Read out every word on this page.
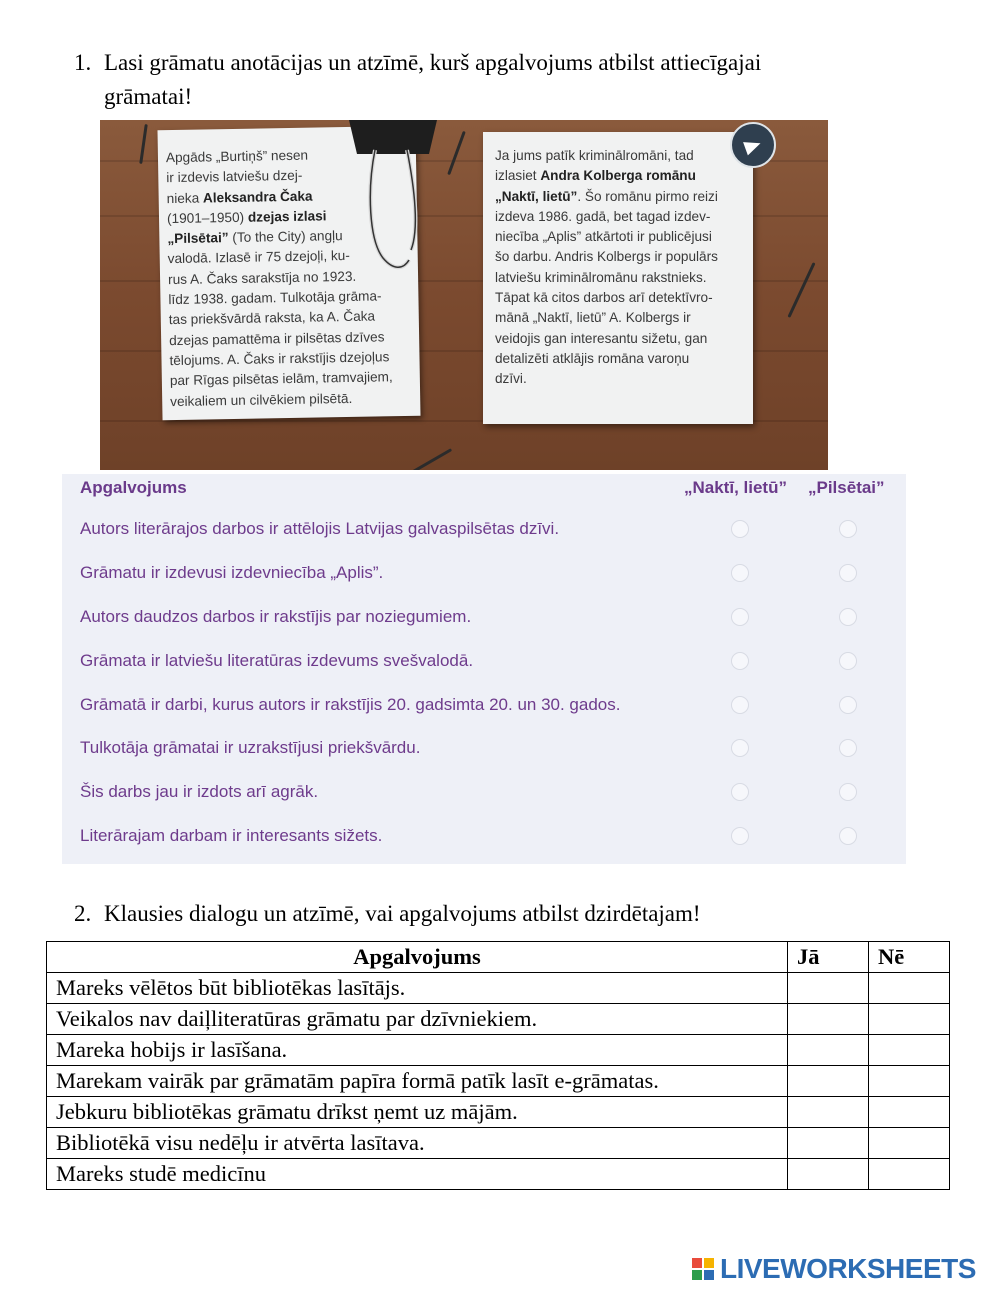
1. Lasi grāmatu anotācijas un atzīmē, kurš apgalvojums atbilst attiecīgajai
grāmatai!
Apgāds „Burtiņš” nesen
ir izdevis latviešu dzej-
nieka Aleksandra Čaka
(1901–1950) dzejas izlasi
„Pilsētai” (To the City) angļu
valodā. Izlasē ir 75 dzejoļi, ku-
rus A. Čaks sarakstīja no 1923.
līdz 1938. gadam. Tulkotāja grāma-
tas priekšvārdā raksta, ka A. Čaka
dzejas pamattēma ir pilsētas dzīves
tēlojums. A. Čaks ir rakstījis dzejoļus
par Rīgas pilsētas ielām, tramvajiem,
veikaliem un cilvēkiem pilsētā.
Ja jums patīk kriminālromāni, tad
izlasiet Andra Kolberga romānu
„Naktī, lietū”. Šo romānu pirmo reizi
izdeva 1986. gadā, bet tagad izdev-
niecība „Aplis” atkārtoti ir publicējusi
šo darbu. Andris Kolbergs ir populārs
latviešu kriminālromānu rakstnieks.
Tāpat kā citos darbos arī detektīvro-
mānā „Naktī, lietū” A. Kolbergs ir
veidojis gan interesantu sižetu, gan
detalizēti atklājis romāna varoņu
dzīvi.
Apgalvojums	„Naktī, lietū” „Pilsētai”
Autors literārajos darbos ir attēlojis Latvijas galvaspilsētas dzīvi.
Grāmatu ir izdevusi izdevniecība „Aplis”.
Autors daudzos darbos ir rakstījis par noziegumiem.
Grāmata ir latviešu literatūras izdevums svešvalodā.
Grāmatā ir darbi, kurus autors ir rakstījis 20. gadsimta 20. un 30. gados.
Tulkotāja grāmatai ir uzrakstījusi priekšvārdu.
Šis darbs jau ir izdots arī agrāk.
Literārajam darbam ir interesants sižets.
2. Klausies dialogu un atzīmē, vai apgalvojums atbilst dzirdētajam!
Apgalvojums	Jā	Nē
Mareks vēlētos būt bibliotēkas lasītājs.		
Veikalos nav daiļliteratūras grāmatu par dzīvniekiem.		
Mareka hobijs ir lasīšana.		
Marekam vairāk par grāmatām papīra formā patīk lasīt e-grāmatas.		
Jebkuru bibliotēkas grāmatu drīkst ņemt uz mājām.		
Bibliotēkā visu nedēļu ir atvērta lasītava.		
Mareks studē medicīnu		
LIVEWORKSHEETS
